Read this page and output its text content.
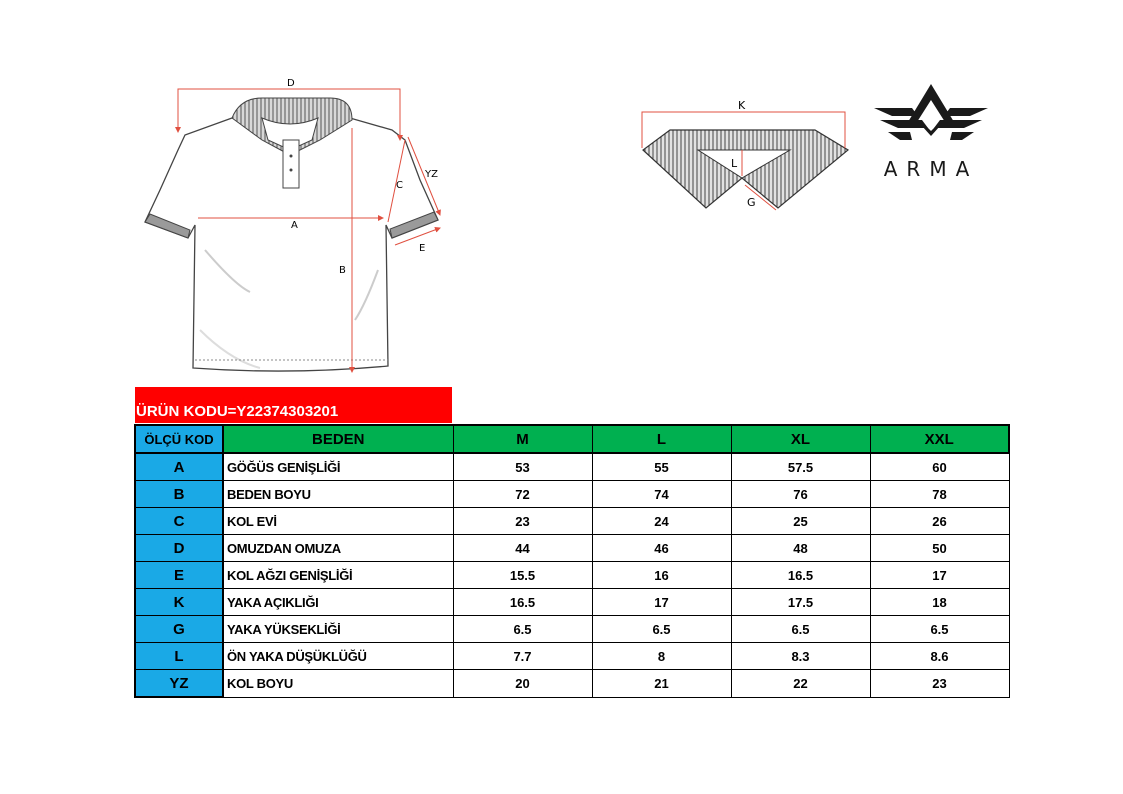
D
A
B
C
YZ
E
K
L
G
ARMA
ÜRÜN KODU=Y22374303201
ÖLÇÜ KOD	BEDEN	M	L	XL	XXL
A	GÖĞÜS GENİŞLİĞİ	53	55	57.5	60
B	BEDEN BOYU	72	74	76	78
C	KOL EVİ	23	24	25	26
D	OMUZDAN OMUZA	44	46	48	50
E	KOL AĞZI GENİŞLİĞİ	15.5	16	16.5	17
K	YAKA AÇIKLIĞI	16.5	17	17.5	18
G	YAKA YÜKSEKLİĞİ	6.5	6.5	6.5	6.5
L	ÖN YAKA DÜŞÜKLÜĞÜ	7.7	8	8.3	8.6
YZ	KOL BOYU	20	21	22	23
